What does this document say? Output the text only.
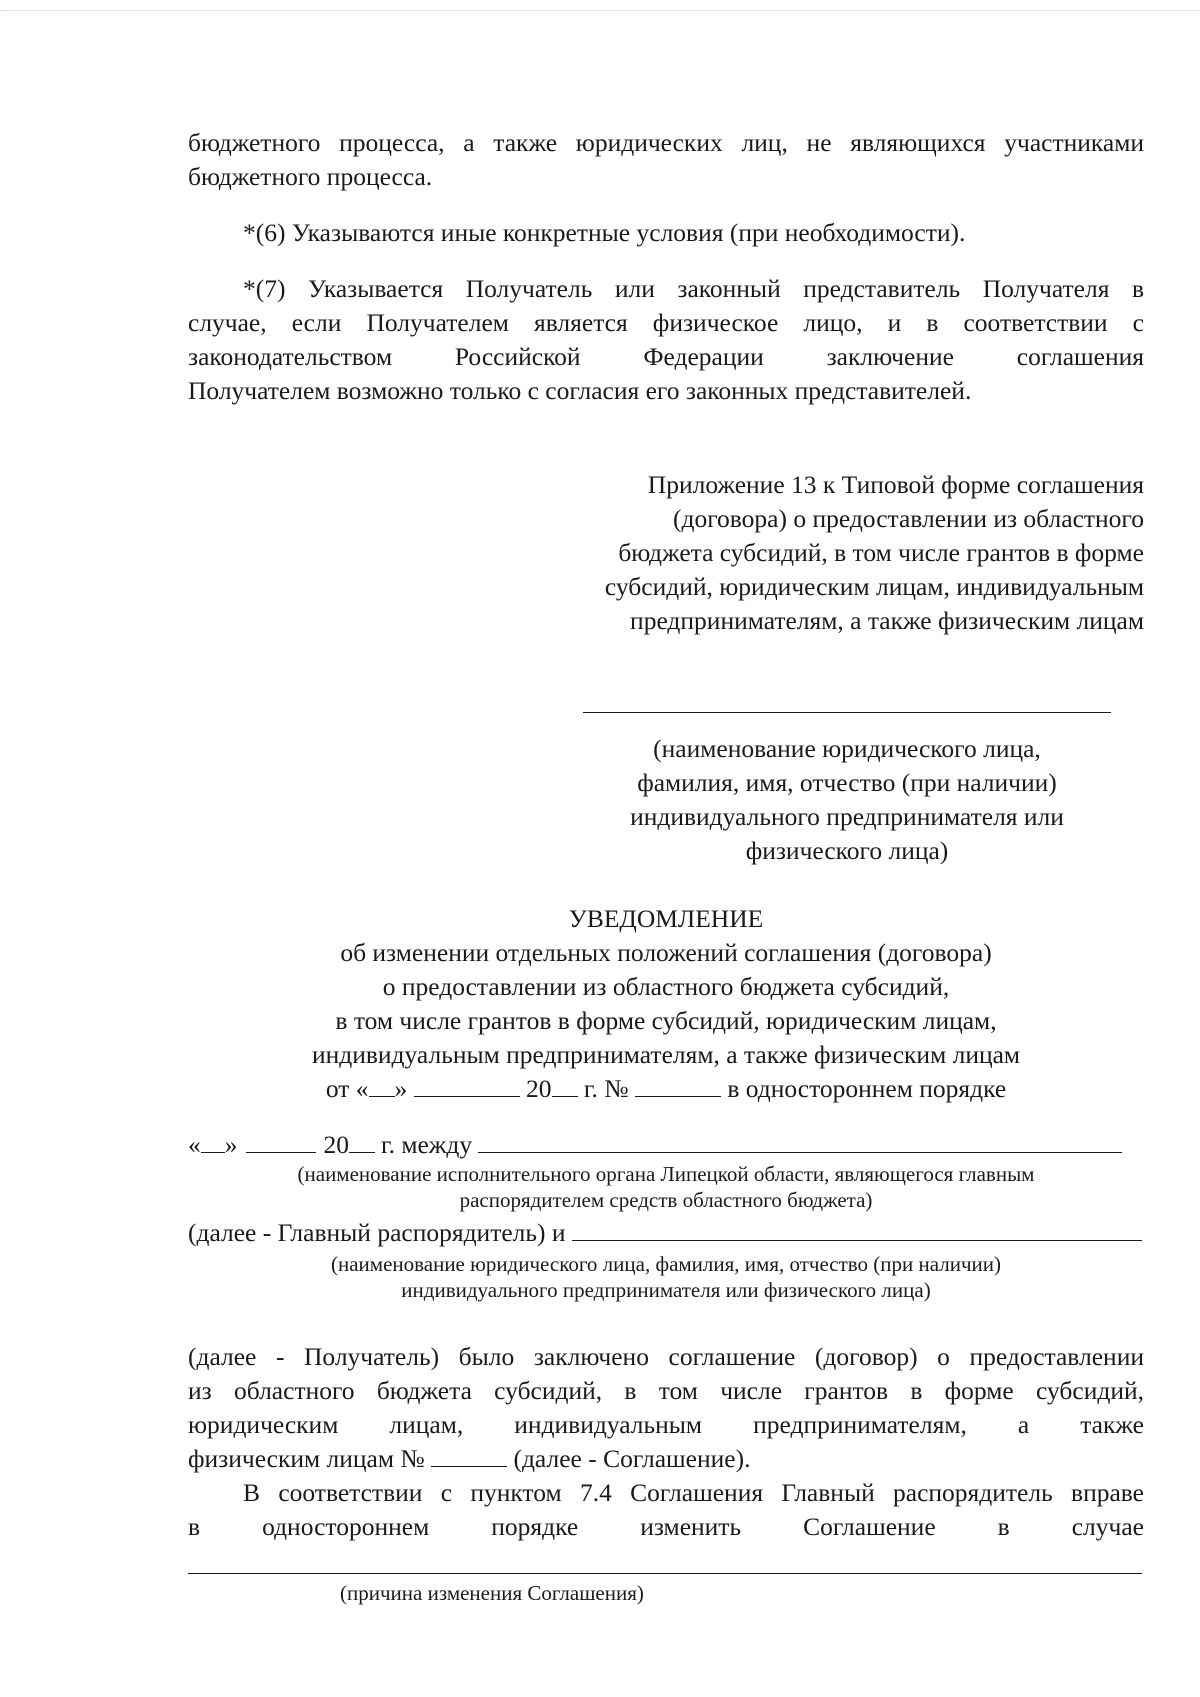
бюджетного процесса, а также юридических лиц, не являющихся участниками
бюджетного процесса.
*(6) Указываются иные конкретные условия (при необходимости).
*(7) Указывается Получатель или законный представитель Получателя в
случае, если Получателем является физическое лицо, и в соответствии с
законодательством Российской Федерации заключение соглашения
Получателем возможно только с согласия его законных представителей.
Приложение 13 к Типовой форме соглашения
(договора) о предоставлении из областного
бюджета субсидий, в том числе грантов в форме
субсидий, юридическим лицам, индивидуальным
предпринимателям, а также физическим лицам
(наименование юридического лица,
фамилия, имя, отчество (при наличии)
индивидуального предпринимателя или
физического лица)
УВЕДОМЛЕНИЕ
об изменении отдельных положений соглашения (договора)
о предоставлении из областного бюджета субсидий,
в том числе грантов в форме субсидий, юридическим лицам,
индивидуальным предпринимателям, а также физическим лицам
от « »	20 г. №	в одностороннем порядке
« »	20 г. между
(наименование исполнительного органа Липецкой области, являющегося главным
распорядителем средств областного бюджета)
(далее - Главный распорядитель) и
(наименование юридического лица, фамилия, имя, отчество (при наличии)
индивидуального предпринимателя или физического лица)
(далее - Получатель) было заключено соглашение (договор) о предоставлении
из областного бюджета субсидий, в том числе грантов в форме субсидий,
юридическим лицам, индивидуальным предпринимателям, а также
физическим лицам №	(далее - Соглашение).
В соответствии с пунктом 7.4 Соглашения Главный распорядитель вправе
в одностороннем порядке изменить Соглашение в случае
(причина изменения Соглашения)
